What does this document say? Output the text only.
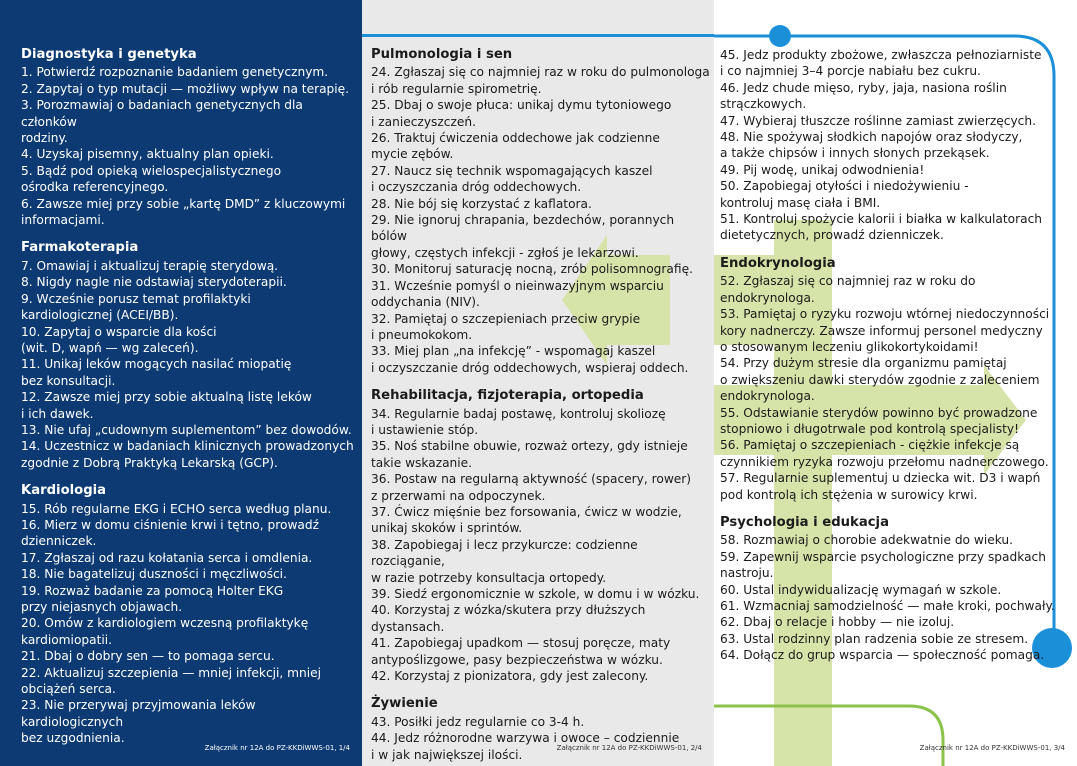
Diagnostyka i genetyka
1. Potwierdź rozpoznanie badaniem genetycznym.
2. Zapytaj o typ mutacji — możliwy wpływ na terapię.
3. Porozmawiaj o badaniach genetycznych dla członków
rodziny.
4. Uzyskaj pisemny, aktualny plan opieki.
5. Bądź pod opieką wielospecjalistycznego
ośrodka referencyjnego.
6. Zawsze miej przy sobie „kartę DMD” z kluczowymi
informacjami.
Farmakoterapia
7. Omawiaj i aktualizuj terapię sterydową.
8. Nigdy nagle nie odstawiaj sterydoterapii.
9. Wcześnie porusz temat profilaktyki
kardiologicznej (ACEI/BB).
10. Zapytaj o wsparcie dla kości
(wit. D, wapń — wg zaleceń).
11. Unikaj leków mogących nasilać miopatię
bez konsultacji.
12. Zawsze miej przy sobie aktualną listę leków
i ich dawek.
13. Nie ufaj „cudownym suplementom” bez dowodów.
14. Uczestnicz w badaniach klinicznych prowadzonych
zgodnie z Dobrą Praktyką Lekarską (GCP).
Kardiologia
15. Rób regularne EKG i ECHO serca według planu.
16. Mierz w domu ciśnienie krwi i tętno, prowadź
dzienniczek.
17. Zgłaszaj od razu kołatania serca i omdlenia.
18. Nie bagatelizuj duszności i męczliwości.
19. Rozważ badanie za pomocą Holter EKG
przy niejasnych objawach.
20. Omów z kardiologiem wczesną profilaktykę
kardiomiopatii.
21. Dbaj o dobry sen — to pomaga sercu.
22. Aktualizuj szczepienia — mniej infekcji, mniej
obciążeń serca.
23. Nie przerywaj przyjmowania leków kardiologicznych
bez uzgodnienia.
Załącznik nr 12A do PZ-KKDiWWS-01, 1/4
Pulmonologia i sen
24. Zgłaszaj się co najmniej raz w roku do pulmonologa
i rób regularnie spirometrię.
25. Dbaj o swoje płuca: unikaj dymu tytoniowego
i zanieczyszczeń.
26. Traktuj ćwiczenia oddechowe jak codzienne
mycie zębów.
27. Naucz się technik wspomagających kaszel
i oczyszczania dróg oddechowych.
28. Nie bój się korzystać z kaflatora.
29. Nie ignoruj chrapania, bezdechów, porannych bólów
głowy, częstych infekcji - zgłoś je lekarzowi.
30. Monitoruj saturację nocną, zrób polisomnografię.
31. Wcześnie pomyśl o nieinwazyjnym wsparciu
oddychania (NIV).
32. Pamiętaj o szczepieniach przeciw grypie
i pneumokokom.
33. Miej plan „na infekcję” - wspomagaj kaszel
i oczyszczanie dróg oddechowych, wspieraj oddech.
Rehabilitacja, fizjoterapia, ortopedia
34. Regularnie badaj postawę, kontroluj skoliozę
i ustawienie stóp.
35. Noś stabilne obuwie, rozważ ortezy, gdy istnieje
takie wskazanie.
36. Postaw na regularną aktywność (spacery, rower)
z przerwami na odpoczynek.
37. Ćwicz mięśnie bez forsowania, ćwicz w wodzie,
unikaj skoków i sprintów.
38. Zapobiegaj i lecz przykurcze: codzienne rozciąganie,
w razie potrzeby konsultacja ortopedy.
39. Siedź ergonomicznie w szkole, w domu i w wózku.
40. Korzystaj z wózka/skutera przy dłuższych dystansach.
41. Zapobiegaj upadkom — stosuj poręcze, maty
antypoślizgowe, pasy bezpieczeństwa w wózku.
42. Korzystaj z pionizatora, gdy jest zalecony.
Żywienie
43. Posiłki jedz regularnie co 3-4 h.
44. Jedz różnorodne warzywa i owoce – codziennie
i w jak największej ilości.	Załącznik nr 12A do PZ-KKDiWWS-01, 2/4
45. Jedz produkty zbożowe, zwłaszcza pełnoziarniste
i co najmniej 3–4 porcje nabiału bez cukru.
46. Jedz chude mięso, ryby, jaja, nasiona roślin
strączkowych.
47. Wybieraj tłuszcze roślinne zamiast zwierzęcych.
48. Nie spożywaj słodkich napojów oraz słodyczy,
a także chipsów i innych słonych przekąsek.
49. Pij wodę, unikaj odwodnienia!
50. Zapobiegaj otyłości i niedożywieniu -
kontroluj masę ciała i BMI.
51. Kontroluj spożycie kalorii i białka w kalkulatorach
dietetycznych, prowadź dzienniczek.
Endokrynologia
52. Zgłaszaj się co najmniej raz w roku do endokrynologa.
53. Pamiętaj o ryzyku rozwoju wtórnej niedoczynności
kory nadnerczy. Zawsze informuj personel medyczny
o stosowanym leczeniu glikokortykoidami!
54. Przy dużym stresie dla organizmu pamiętaj
o zwiększeniu dawki sterydów zgodnie z zaleceniem
endokrynologa.
55. Odstawianie sterydów powinno być prowadzone
stopniowo i długotrwale pod kontrolą specjalisty!
56. Pamiętaj o szczepieniach - ciężkie infekcje są
czynnikiem ryzyka rozwoju przełomu nadnerczowego.
57. Regularnie suplementuj u dziecka wit. D3 i wapń
pod kontrolą ich stężenia w surowicy krwi.
Psychologia i edukacja
58. Rozmawiaj o chorobie adekwatnie do wieku.
59. Zapewnij wsparcie psychologiczne przy spadkach
nastroju.
60. Ustal indywidualizację wymagań w szkole.
61. Wzmacniaj samodzielność — małe kroki, pochwały.
62. Dbaj o relacje i hobby — nie izoluj.
63. Ustal rodzinny plan radzenia sobie ze stresem.
64. Dołącz do grup wsparcia — społeczność pomaga.
Załącznik nr 12A do PZ-KKDiWWS-01, 3/4
